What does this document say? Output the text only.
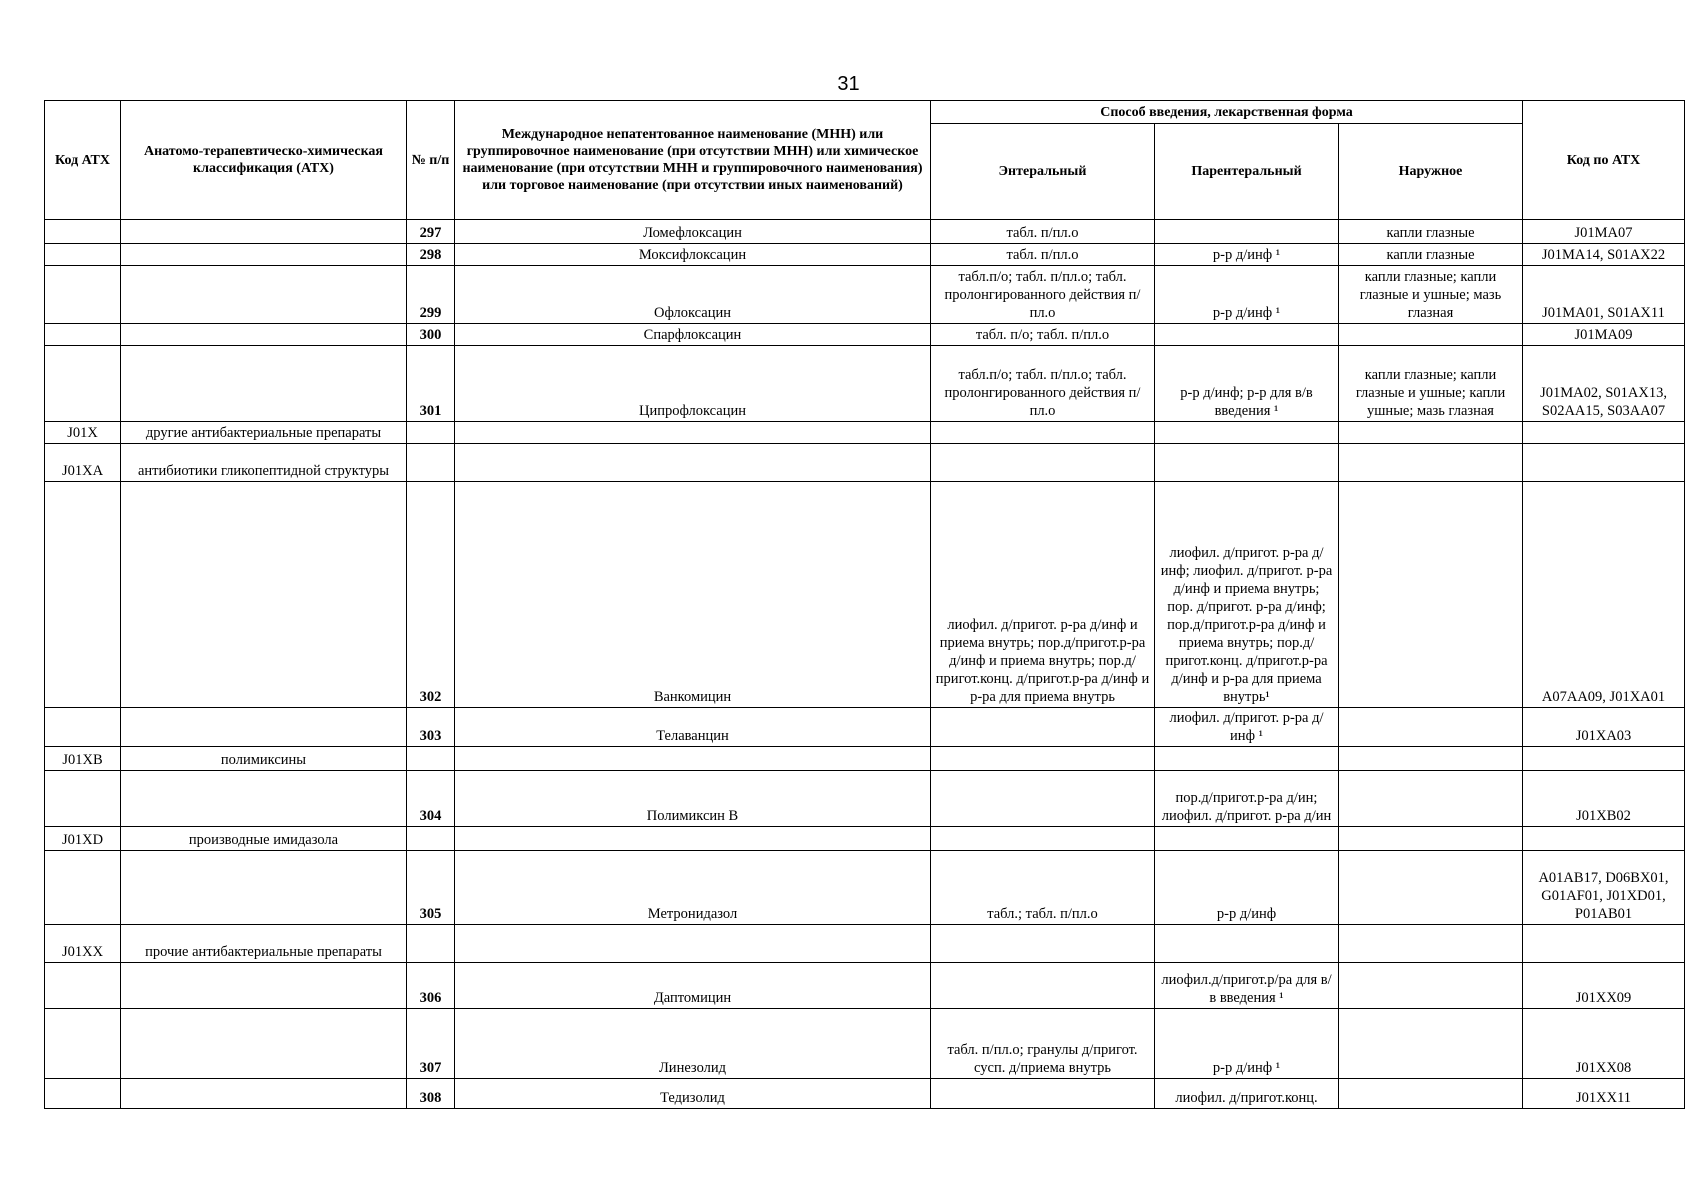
31
Код АТХ	Анатомо-терапевтическо-химическая классификация (АТХ)	№ п/п	Международное непатентованное наименование (МНН) или группировочное наименование (при отсутствии МНН) или химическое наименование (при отсутствии МНН и группировочного наименования) или торговое наименование (при отсутствии иных наименований)	Способ введения, лекарственная форма			Код по АТХ
				Энтеральный	Парентеральный	Наружное	
		297	Ломефлоксацин	табл. п/пл.о		капли глазные	J01MA07
		298	Моксифлоксацин	табл. п/пл.о	р-р д/инф ¹	капли глазные	J01MA14, S01AX22
		299	Офлоксацин	табл.п/о; табл. п/пл.о; табл. пролонгированного действия п/пл.о	р-р д/инф ¹	капли глазные; капли глазные и ушные; мазь глазная	J01MA01, S01AX11
		300	Спарфлоксацин	табл. п/о; табл. п/пл.о			J01MA09
		301	Ципрофлоксацин	табл.п/о; табл. п/пл.о; табл. пролонгированного действия п/пл.о	р-р д/инф; р-р для в/в введения ¹	капли глазные; капли глазные и ушные; капли ушные; мазь глазная	J01MA02, S01AX13, S02AA15, S03AA07
J01X	другие антибактериальные препараты						
J01XA	антибиотики гликопептидной структуры						
		302	Ванкомицин	лиофил. д/пригот. р-ра д/инф и приема внутрь; пор.д/пригот.р-ра д/инф и приема внутрь; пор.д/пригот.конц. д/пригот.р-ра д/инф и р-ра для приема внутрь	лиофил. д/пригот. р-ра д/инф; лиофил. д/пригот. р-ра д/инф и приема внутрь; пор. д/пригот. р-ра д/инф; пор.д/пригот.р-ра д/инф и приема внутрь; пор.д/пригот.конц. д/пригот.р-ра д/инф и р-ра для приема внутрь¹		A07AA09, J01XA01
		303	Телаванцин		лиофил. д/пригот. р-ра д/инф ¹		J01XA03
J01XB	полимиксины						
		304	Полимиксин В		пор.д/пригот.р-ра д/ин; лиофил. д/пригот. р-ра д/ин		J01XB02
J01XD	производные имидазола						
		305	Метронидазол	табл.; табл. п/пл.о	р-р д/инф		A01AB17, D06BX01, G01AF01, J01XD01, P01AB01
J01XX	прочие антибактериальные препараты						
		306	Даптомицин		лиофил.д/пригот.р/ра для в/в введения ¹		J01XX09
		307	Линезолид	табл. п/пл.о; гранулы д/пригот. сусп. д/приема внутрь	р-р д/инф ¹		J01XX08
		308	Тедизолид		лиофил. д/пригот.конц.		J01XX11
